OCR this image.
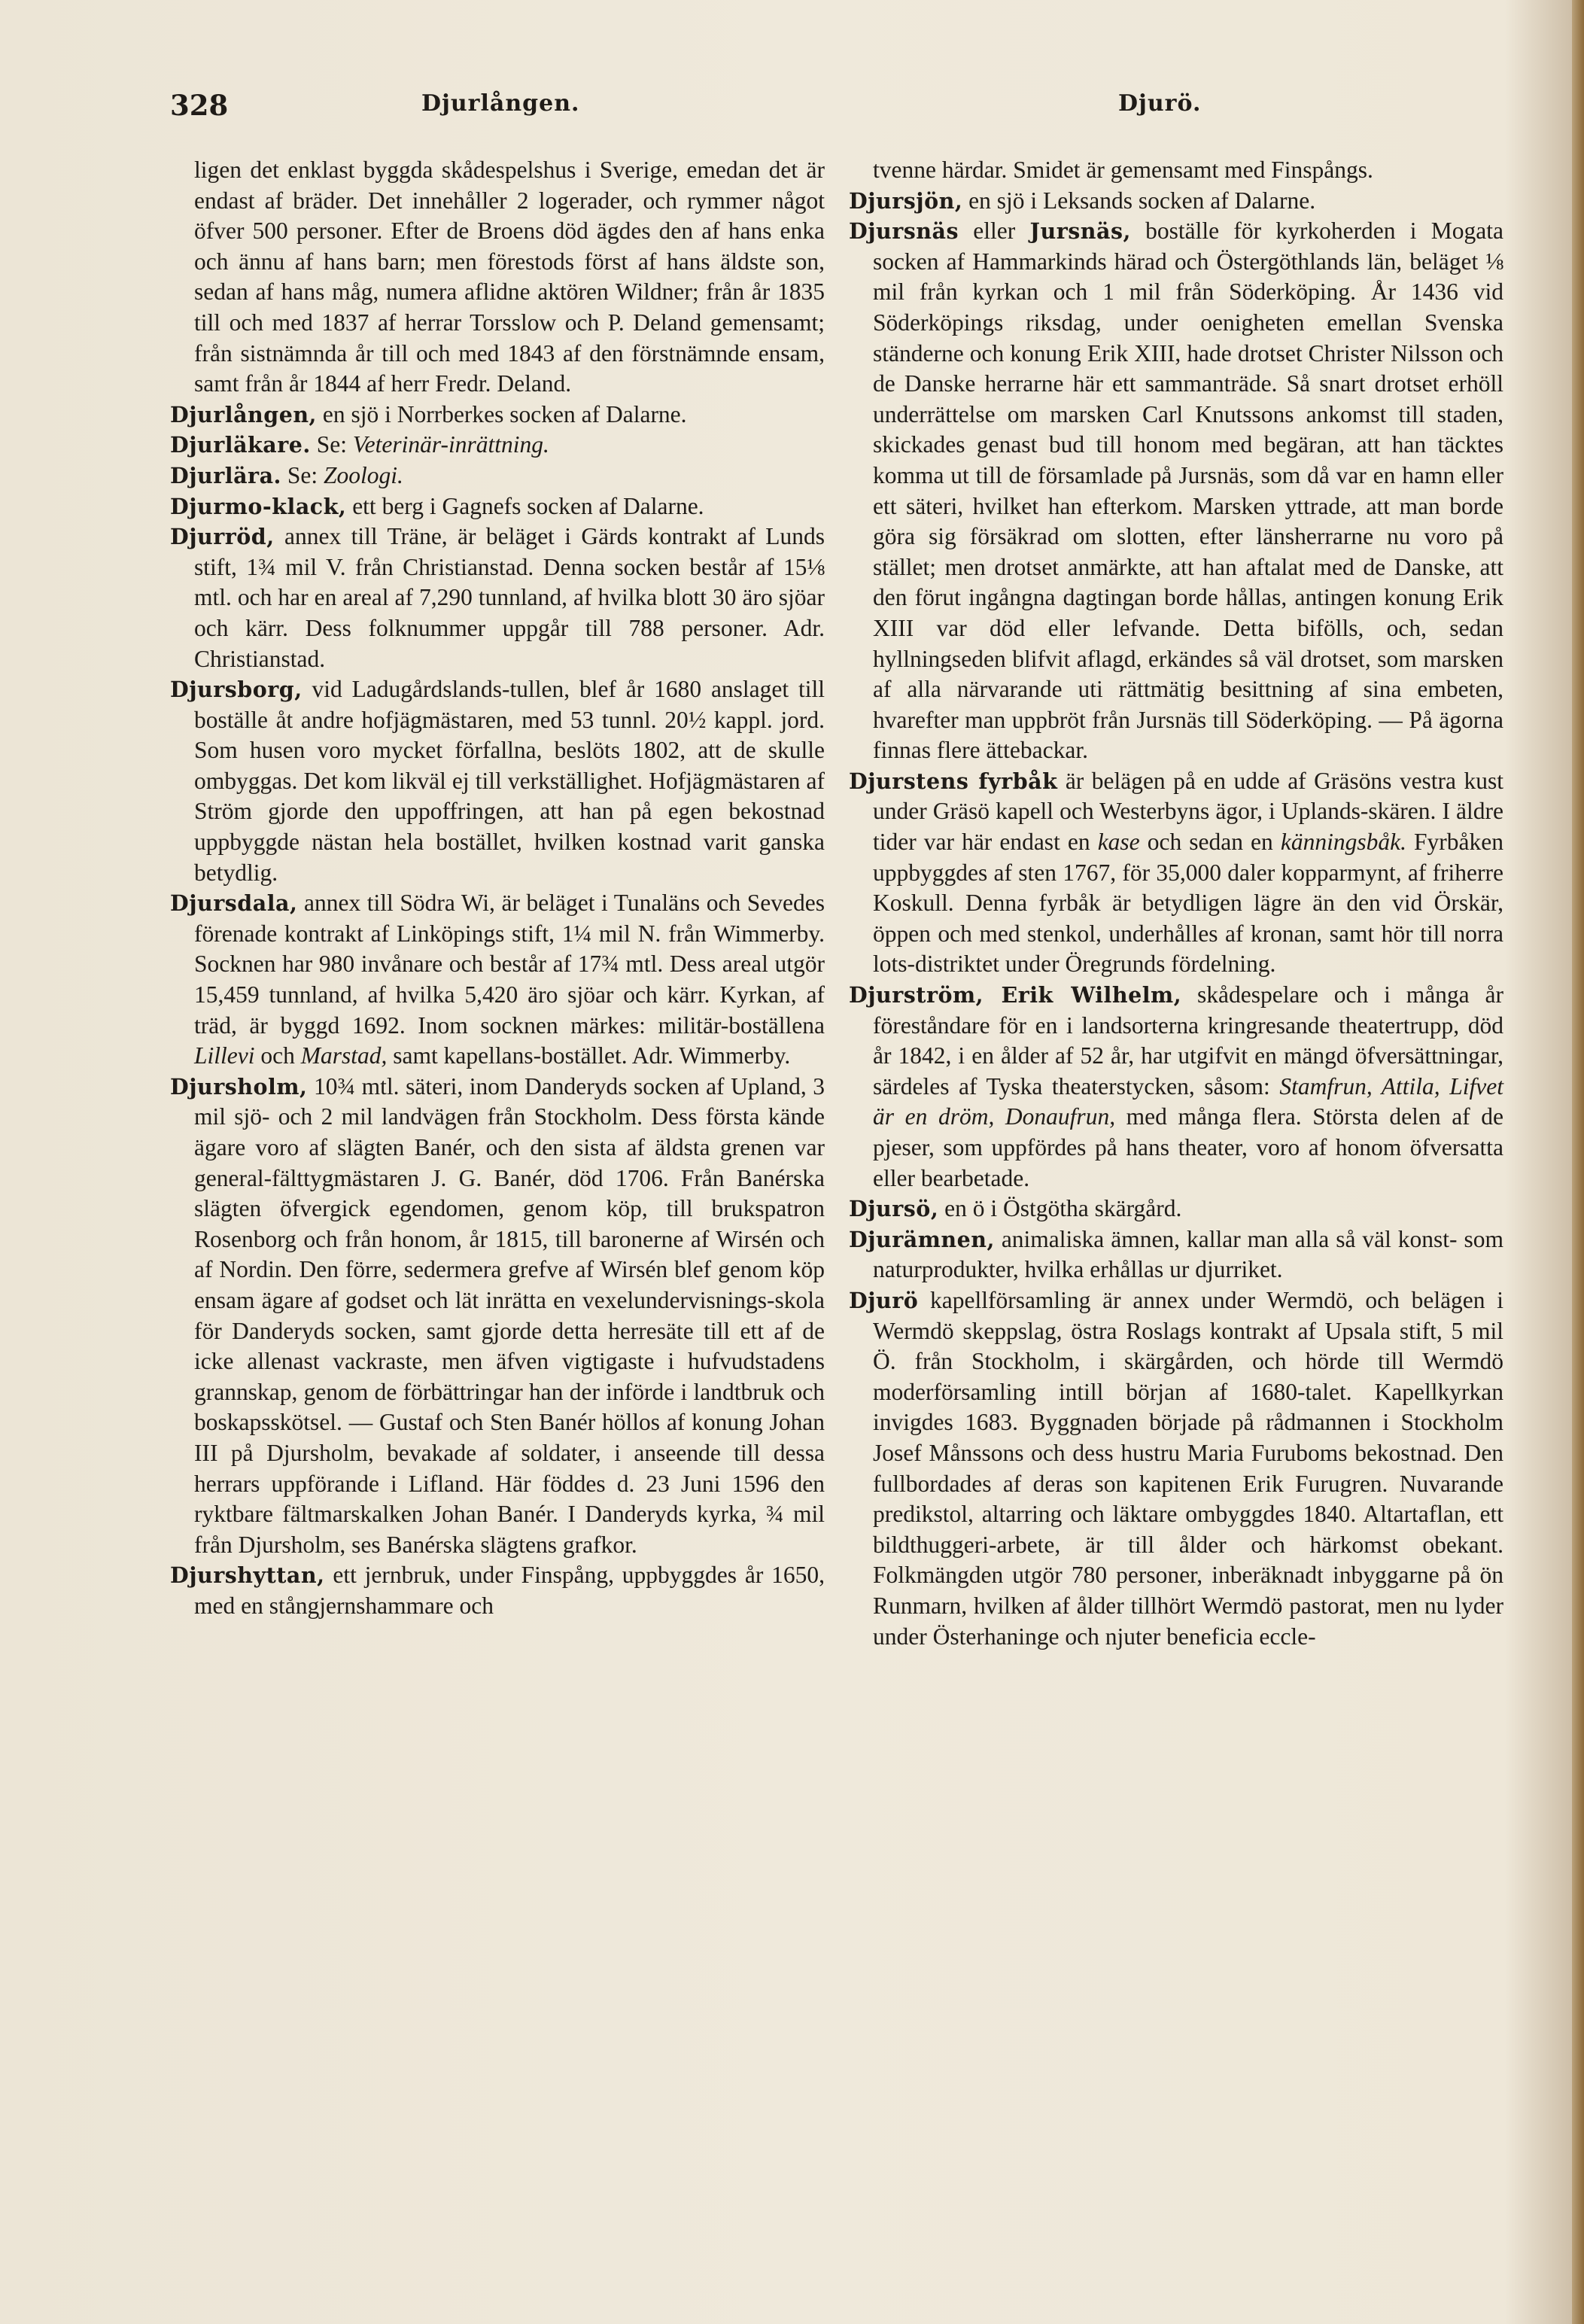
328	Djurlången.	Djurö.

ligen det enklast byggda skådespelshus i Sverige, emedan det är endast af bräder. Det innehåller 2 logerader, och rymmer något öfver 500 personer. Efter de Broens död ägdes den af hans enka och ännu af hans barn; men förestods först af hans äldste son, sedan af hans måg, numera aflidne aktören Wildner; från år 1835 till och med 1837 af herrar Torsslow och P. Deland gemensamt; från sistnämnda år till och med 1843 af den förstnämnde ensam, samt från år 1844 af herr Fredr. Deland.

Djurlången, en sjö i Norrberkes socken af Dalarne.

Djurläkare. Se: Veterinär-inrättning.

Djurlära. Se: Zoologi.

Djurmo-klack, ett berg i Gagnefs socken af Dalarne.

Djurröd, annex till Träne, är beläget i Gärds kontrakt af Lunds stift, 1¾ mil V. från Christianstad. Denna socken består af 15⅛ mtl. och har en areal af 7,290 tunnland, af hvilka blott 30 äro sjöar och kärr. Dess folknummer uppgår till 788 personer. Adr. Christianstad.

Djursborg, vid Ladugårdslands-tullen, blef år 1680 anslaget till boställe åt andre hofjägmästaren, med 53 tunnl. 20½ kappl. jord. Som husen voro mycket förfallna, beslöts 1802, att de skulle ombyggas. Det kom likväl ej till verkställighet. Hofjägmästaren af Ström gjorde den uppoffringen, att han på egen bekostnad uppbyggde nästan hela bostället, hvilken kostnad varit ganska betydlig.

Djursdala, annex till Södra Wi, är beläget i Tunaläns och Sevedes förenade kontrakt af Linköpings stift, 1¼ mil N. från Wimmerby. Socknen har 980 invånare och består af 17¾ mtl. Dess areal utgör 15,459 tunnland, af hvilka 5,420 äro sjöar och kärr. Kyrkan, af träd, är byggd 1692. Inom socknen märkes: militär-boställena Lillevi och Marstad, samt kapellans-bostället. Adr. Wimmerby.

Djursholm, 10¾ mtl. säteri, inom Danderyds socken af Upland, 3 mil sjö- och 2 mil landvägen från Stockholm. Dess första kände ägare voro af slägten Banér, och den sista af äldsta grenen var general-fälttygmästaren J. G. Banér, död 1706. Från Banérska slägten öfvergick egendomen, genom köp, till brukspatron Rosenborg och från honom, år 1815, till baronerne af Wirsén och af Nordin. Den förre, sedermera grefve af Wirsén blef genom köp ensam ägare af godset och lät inrätta en vexelundervisnings-skola för Danderyds socken, samt gjorde detta herresäte till ett af de icke allenast vackraste, men äfven vigtigaste i hufvudstadens grannskap, genom de förbättringar han der införde i landtbruk och boskapsskötsel. — Gustaf och Sten Banér höllos af konung Johan III på Djursholm, bevakade af soldater, i anseende till dessa herrars uppförande i Lifland. Här föddes d. 23 Juni 1596 den ryktbare fältmarskalken Johan Banér. I Danderyds kyrka, ¾ mil från Djursholm, ses Banérska slägtens grafkor.

Djurshyttan, ett jernbruk, under Finspång, uppbyggdes år 1650, med en stångjernshammare och

tvenne härdar. Smidet är gemensamt med Finspångs.

Djursjön, en sjö i Leksands socken af Dalarne.

Djursnäs eller Jursnäs, boställe för kyrkoherden i Mogata socken af Hammarkinds härad och Östergöthlands län, beläget ⅛ mil från kyrkan och 1 mil från Söderköping. År 1436 vid Söderköpings riksdag, under oenigheten emellan Svenska ständerne och konung Erik XIII, hade drotset Christer Nilsson och de Danske herrarne här ett sammanträde. Så snart drotset erhöll underrättelse om marsken Carl Knutssons ankomst till staden, skickades genast bud till honom med begäran, att han täcktes komma ut till de församlade på Jursnäs, som då var en hamn eller ett säteri, hvilket han efterkom. Marsken yttrade, att man borde göra sig försäkrad om slotten, efter länsherrarne nu voro på stället; men drotset anmärkte, att han aftalat med de Danske, att den förut ingångna dagtingan borde hållas, antingen konung Erik XIII var död eller lefvande. Detta bifölls, och, sedan hyllningseden blifvit aflagd, erkändes så väl drotset, som marsken af alla närvarande uti rättmätig besittning af sina embeten, hvarefter man uppbröt från Jursnäs till Söderköping. — På ägorna finnas flere ättebackar.

Djurstens fyrbåk är belägen på en udde af Gräsöns vestra kust under Gräsö kapell och Westerbyns ägor, i Uplands-skären. I äldre tider var här endast en kase och sedan en känningsbåk. Fyrbåken uppbyggdes af sten 1767, för 35,000 daler kopparmynt, af friherre Koskull. Denna fyrbåk är betydligen lägre än den vid Örskär, öppen och med stenkol, underhålles af kronan, samt hör till norra lots-distriktet under Öregrunds fördelning.

Djurström, Erik Wilhelm, skådespelare och i många år föreståndare för en i landsorterna kringresande theatertrupp, död år 1842, i en ålder af 52 år, har utgifvit en mängd öfversättningar, särdeles af Tyska theaterstycken, såsom: Stamfrun, Attila, Lifvet är en dröm, Donaufrun, med många flera. Största delen af de pjeser, som uppfördes på hans theater, voro af honom öfversatta eller bearbetade.

Djursö, en ö i Östgötha skärgård.

Djurämnen, animaliska ämnen, kallar man alla så väl konst- som naturprodukter, hvilka erhållas ur djurriket.

Djurö kapellförsamling är annex under Wermdö, och belägen i Wermdö skeppslag, östra Roslags kontrakt af Upsala stift, 5 mil Ö. från Stockholm, i skärgården, och hörde till Wermdö moderförsamling intill början af 1680-talet. Kapellkyrkan invigdes 1683. Byggnaden började på rådmannen i Stockholm Josef Månssons och dess hustru Maria Furuboms bekostnad. Den fullbordades af deras son kapitenen Erik Furugren. Nuvarande predikstol, altarring och läktare ombyggdes 1840. Altartaflan, ett bildthuggeri-arbete, är till ålder och härkomst obekant. Folkmängden utgör 780 personer, inberäknadt inbyggarne på ön Runmarn, hvilken af ålder tillhört Wermdö pastorat, men nu lyder under Österhaninge och njuter beneficia eccle-
